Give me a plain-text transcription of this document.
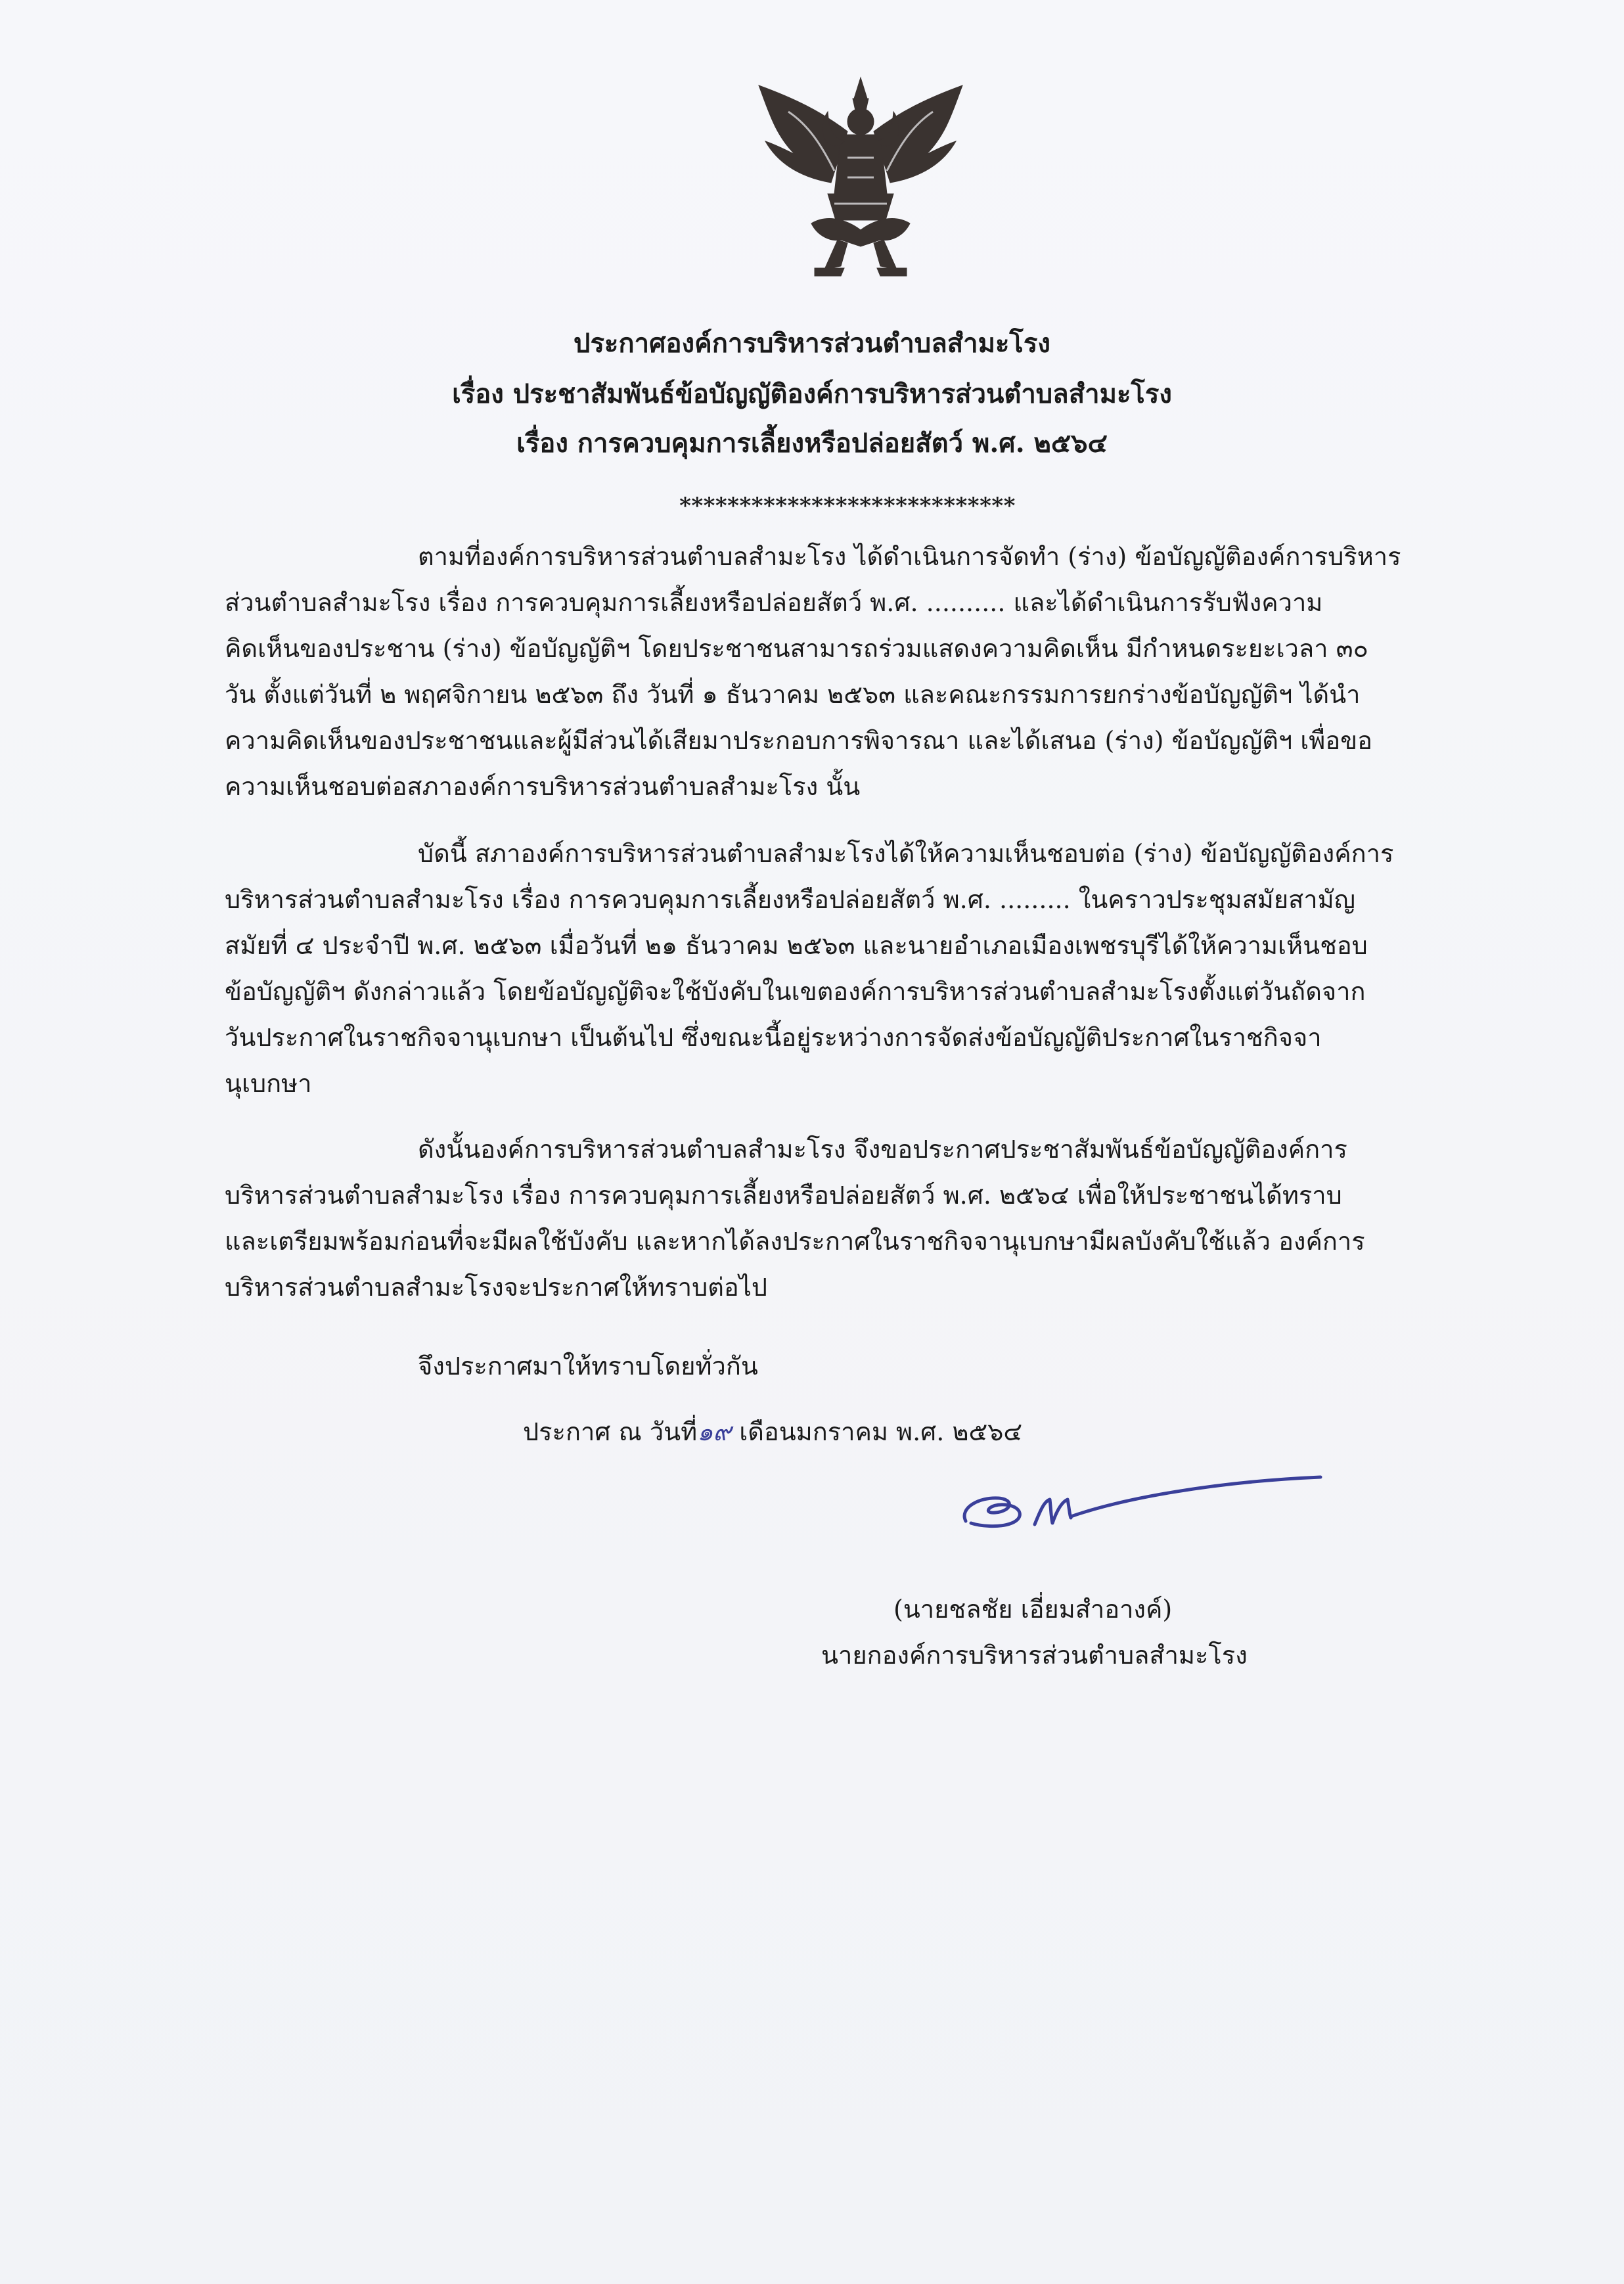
ประกาศองค์การบริหารส่วนตำบลสำมะโรง
เรื่อง ประชาสัมพันธ์ข้อบัญญัติองค์การบริหารส่วนตำบลสำมะโรง
เรื่อง การควบคุมการเลี้ยงหรือปล่อยสัตว์ พ.ศ. ๒๕๖๔
****************************
ตามที่องค์การบริหารส่วนตำบลสำมะโรง ได้ดำเนินการจัดทำ (ร่าง) ข้อบัญญัติองค์การบริหาร
ส่วนตำบลสำมะโรง เรื่อง การควบคุมการเลี้ยงหรือปล่อยสัตว์ พ.ศ. .......... และได้ดำเนินการรับฟังความ
คิดเห็นของประชาน (ร่าง) ข้อบัญญัติฯ โดยประชาชนสามารถร่วมแสดงความคิดเห็น มีกำหนดระยะเวลา ๓๐
วัน ตั้งแต่วันที่ ๒ พฤศจิกายน ๒๕๖๓ ถึง วันที่ ๑ ธันวาคม ๒๕๖๓ และคณะกรรมการยกร่างข้อบัญญัติฯ ได้นำ
ความคิดเห็นของประชาชนและผู้มีส่วนได้เสียมาประกอบการพิจารณา และได้เสนอ (ร่าง) ข้อบัญญัติฯ เพื่อขอ
ความเห็นชอบต่อสภาองค์การบริหารส่วนตำบลสำมะโรง นั้น
บัดนี้ สภาองค์การบริหารส่วนตำบลสำมะโรงได้ให้ความเห็นชอบต่อ (ร่าง) ข้อบัญญัติองค์การ
บริหารส่วนตำบลสำมะโรง เรื่อง การควบคุมการเลี้ยงหรือปล่อยสัตว์ พ.ศ. ......... ในคราวประชุมสมัยสามัญ
สมัยที่ ๔ ประจำปี พ.ศ. ๒๕๖๓ เมื่อวันที่ ๒๑ ธันวาคม ๒๕๖๓ และนายอำเภอเมืองเพชรบุรีได้ให้ความเห็นชอบ
ข้อบัญญัติฯ ดังกล่าวแล้ว โดยข้อบัญญัติจะใช้บังคับในเขตองค์การบริหารส่วนตำบลสำมะโรงตั้งแต่วันถัดจาก
วันประกาศในราชกิจจานุเบกษา เป็นต้นไป ซึ่งขณะนี้อยู่ระหว่างการจัดส่งข้อบัญญัติประกาศในราชกิจจา
นุเบกษา
ดังนั้นองค์การบริหารส่วนตำบลสำมะโรง จึงขอประกาศประชาสัมพันธ์ข้อบัญญัติองค์การ
บริหารส่วนตำบลสำมะโรง เรื่อง การควบคุมการเลี้ยงหรือปล่อยสัตว์ พ.ศ. ๒๕๖๔ เพื่อให้ประชาชนได้ทราบ
และเตรียมพร้อมก่อนที่จะมีผลใช้บังคับ และหากได้ลงประกาศในราชกิจจานุเบกษามีผลบังคับใช้แล้ว องค์การ
บริหารส่วนตำบลสำมะโรงจะประกาศให้ทราบต่อไป
จึงประกาศมาให้ทราบโดยทั่วกัน
ประกาศ ณ วันที่๑๙ เดือนมกราคม พ.ศ. ๒๕๖๔
(นายชลชัย เอี่ยมสำอางค์)
นายกองค์การบริหารส่วนตำบลสำมะโรง
